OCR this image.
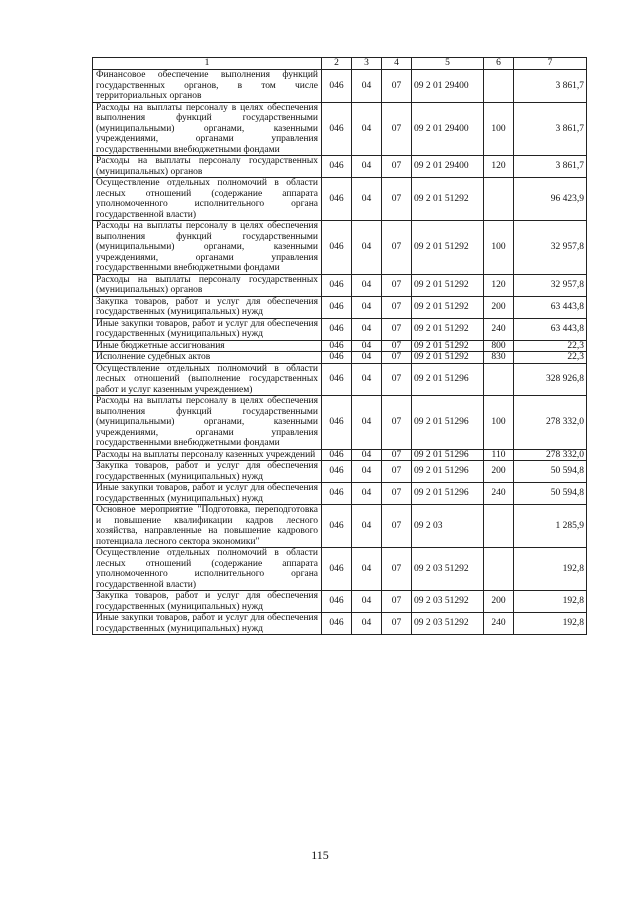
1	2	3	4	5	6	7
Финансовое обеспечение выполнения функций государственных органов, в том числе территориальных органов	046	04	07	09 2 01 29400		3 861,7
Расходы на выплаты персоналу в целях обеспечения выполнения функций государственными (муниципальными) органами, казенными учреждениями, органами управления государственными внебюджетными фондами	046	04	07	09 2 01 29400	100	3 861,7
Расходы на выплаты персоналу государственных (муниципальных) органов	046	04	07	09 2 01 29400	120	3 861,7
Осуществление отдельных полномочий в области лесных отношений (содержание аппарата уполномоченного исполнительного органа государственной власти)	046	04	07	09 2 01 51292		96 423,9
Расходы на выплаты персоналу в целях обеспечения выполнения функций государственными (муниципальными) органами, казенными учреждениями, органами управления государственными внебюджетными фондами	046	04	07	09 2 01 51292	100	32 957,8
Расходы на выплаты персоналу государственных (муниципальных) органов	046	04	07	09 2 01 51292	120	32 957,8
Закупка товаров, работ и услуг для обеспечения государственных (муниципальных) нужд	046	04	07	09 2 01 51292	200	63 443,8
Иные закупки товаров, работ и услуг для обеспечения государственных (муниципальных) нужд	046	04	07	09 2 01 51292	240	63 443,8
Иные бюджетные ассигнования	046	04	07	09 2 01 51292	800	22,3
Исполнение судебных актов	046	04	07	09 2 01 51292	830	22,3
Осуществление отдельных полномочий в области лесных отношений (выполнение государственных работ и услуг казенным учреждением)	046	04	07	09 2 01 51296		328 926,8
Расходы на выплаты персоналу в целях обеспечения выполнения функций государственными (муниципальными) органами, казенными учреждениями, органами управления государственными внебюджетными фондами	046	04	07	09 2 01 51296	100	278 332,0
Расходы на выплаты персоналу казенных учреждений	046	04	07	09 2 01 51296	110	278 332,0
Закупка товаров, работ и услуг для обеспечения государственных (муниципальных) нужд	046	04	07	09 2 01 51296	200	50 594,8
Иные закупки товаров, работ и услуг для обеспечения государственных (муниципальных) нужд	046	04	07	09 2 01 51296	240	50 594,8
Основное мероприятие "Подготовка, переподготовка и повышение квалификации кадров лесного хозяйства, направленные на повышение кадрового потенциала лесного сектора экономики"	046	04	07	09 2 03		1 285,9
Осуществление отдельных полномочий в области лесных отношений (содержание аппарата уполномоченного исполнительного органа государственной власти)	046	04	07	09 2 03 51292		192,8
Закупка товаров, работ и услуг для обеспечения государственных (муниципальных) нужд	046	04	07	09 2 03 51292	200	192,8
Иные закупки товаров, работ и услуг для обеспечения государственных (муниципальных) нужд	046	04	07	09 2 03 51292	240	192,8
115
